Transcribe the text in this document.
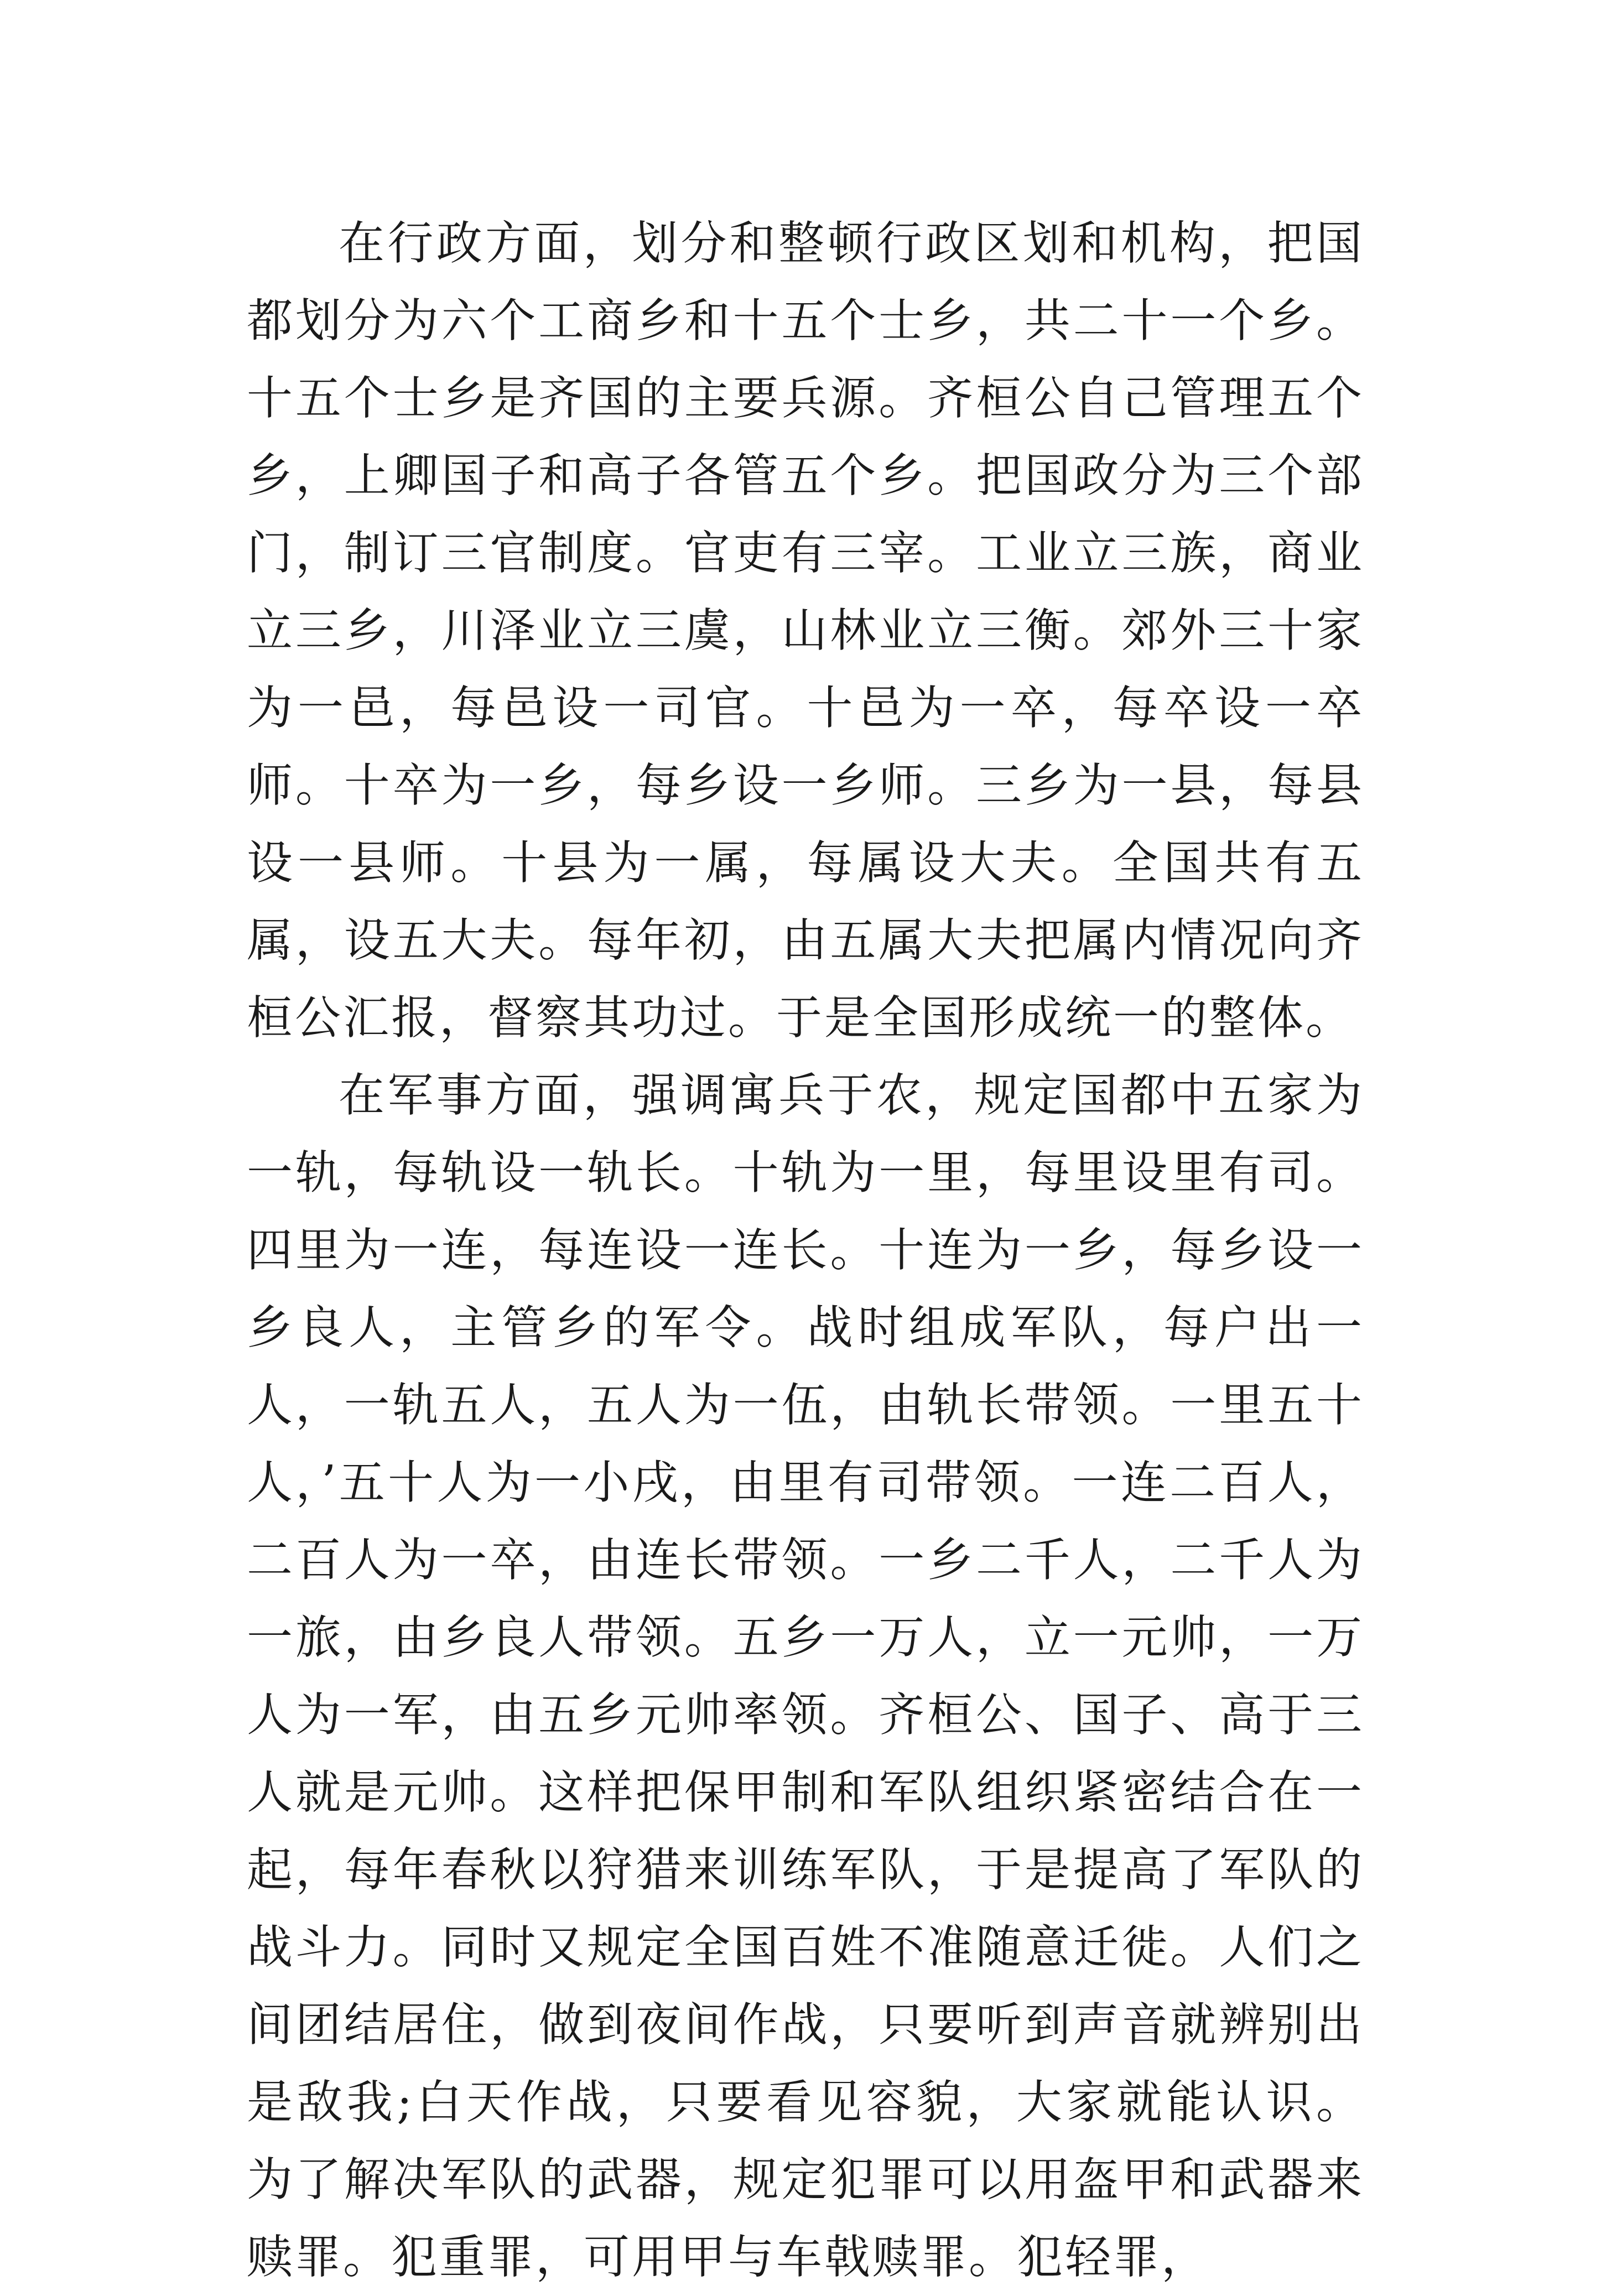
在行政方面，划分和整顿行政区划和机构，把国都划分为六个工商乡和十五个士乡，共二十一个乡。十五个士乡是齐国的主要兵源。齐桓公自己管理五个乡，上卿国子和高子各管五个乡。把国政分为三个部门，制订三官制度。官吏有三宰。工业立三族，商业立三乡，川泽业立三虞，山林业立三衡。郊外三十家为一邑，每邑设一司官。十邑为一卒，每卒设一卒师。十卒为一乡，每乡设一乡师。三乡为一县，每县设一县师。十县为一属，每属设大夫。全国共有五属，设五大夫。每年初，由五属大夫把属内情况向齐桓公汇报，督察其功过。于是全国形成统一的整体。

在军事方面，强调寓兵于农，规定国都中五家为一轨，每轨设一轨长。十轨为一里，每里设里有司。四里为一连，每连设一连长。十连为一乡，每乡设一乡良人，主管乡的军令。战时组成军队，每户出一人，一轨五人，五人为一伍，由轨长带领。一里五十人，’五十人为一小戌，由里有司带领。一连二百人，二百人为一卒，由连长带领。一乡二千人，二千人为一旅，由乡良人带领。五乡一万人，立一元帅，一万人为一军，由五乡元帅率领。齐桓公、国子、高于三人就是元帅。这样把保甲制和军队组织紧密结合在一起，每年春秋以狩猎来训练军队，于是提高了军队的战斗力。同时又规定全国百姓不准随意迁徙。人们之间团结居住，做到夜间作战，只要听到声音就辨别出是敌我;白天作战，只要看见容貌，大家就能认识。为了解决军队的武器，规定犯罪可以用盔甲和武器来赎罪。犯重罪，可用甲与车戟赎罪。犯轻罪，
